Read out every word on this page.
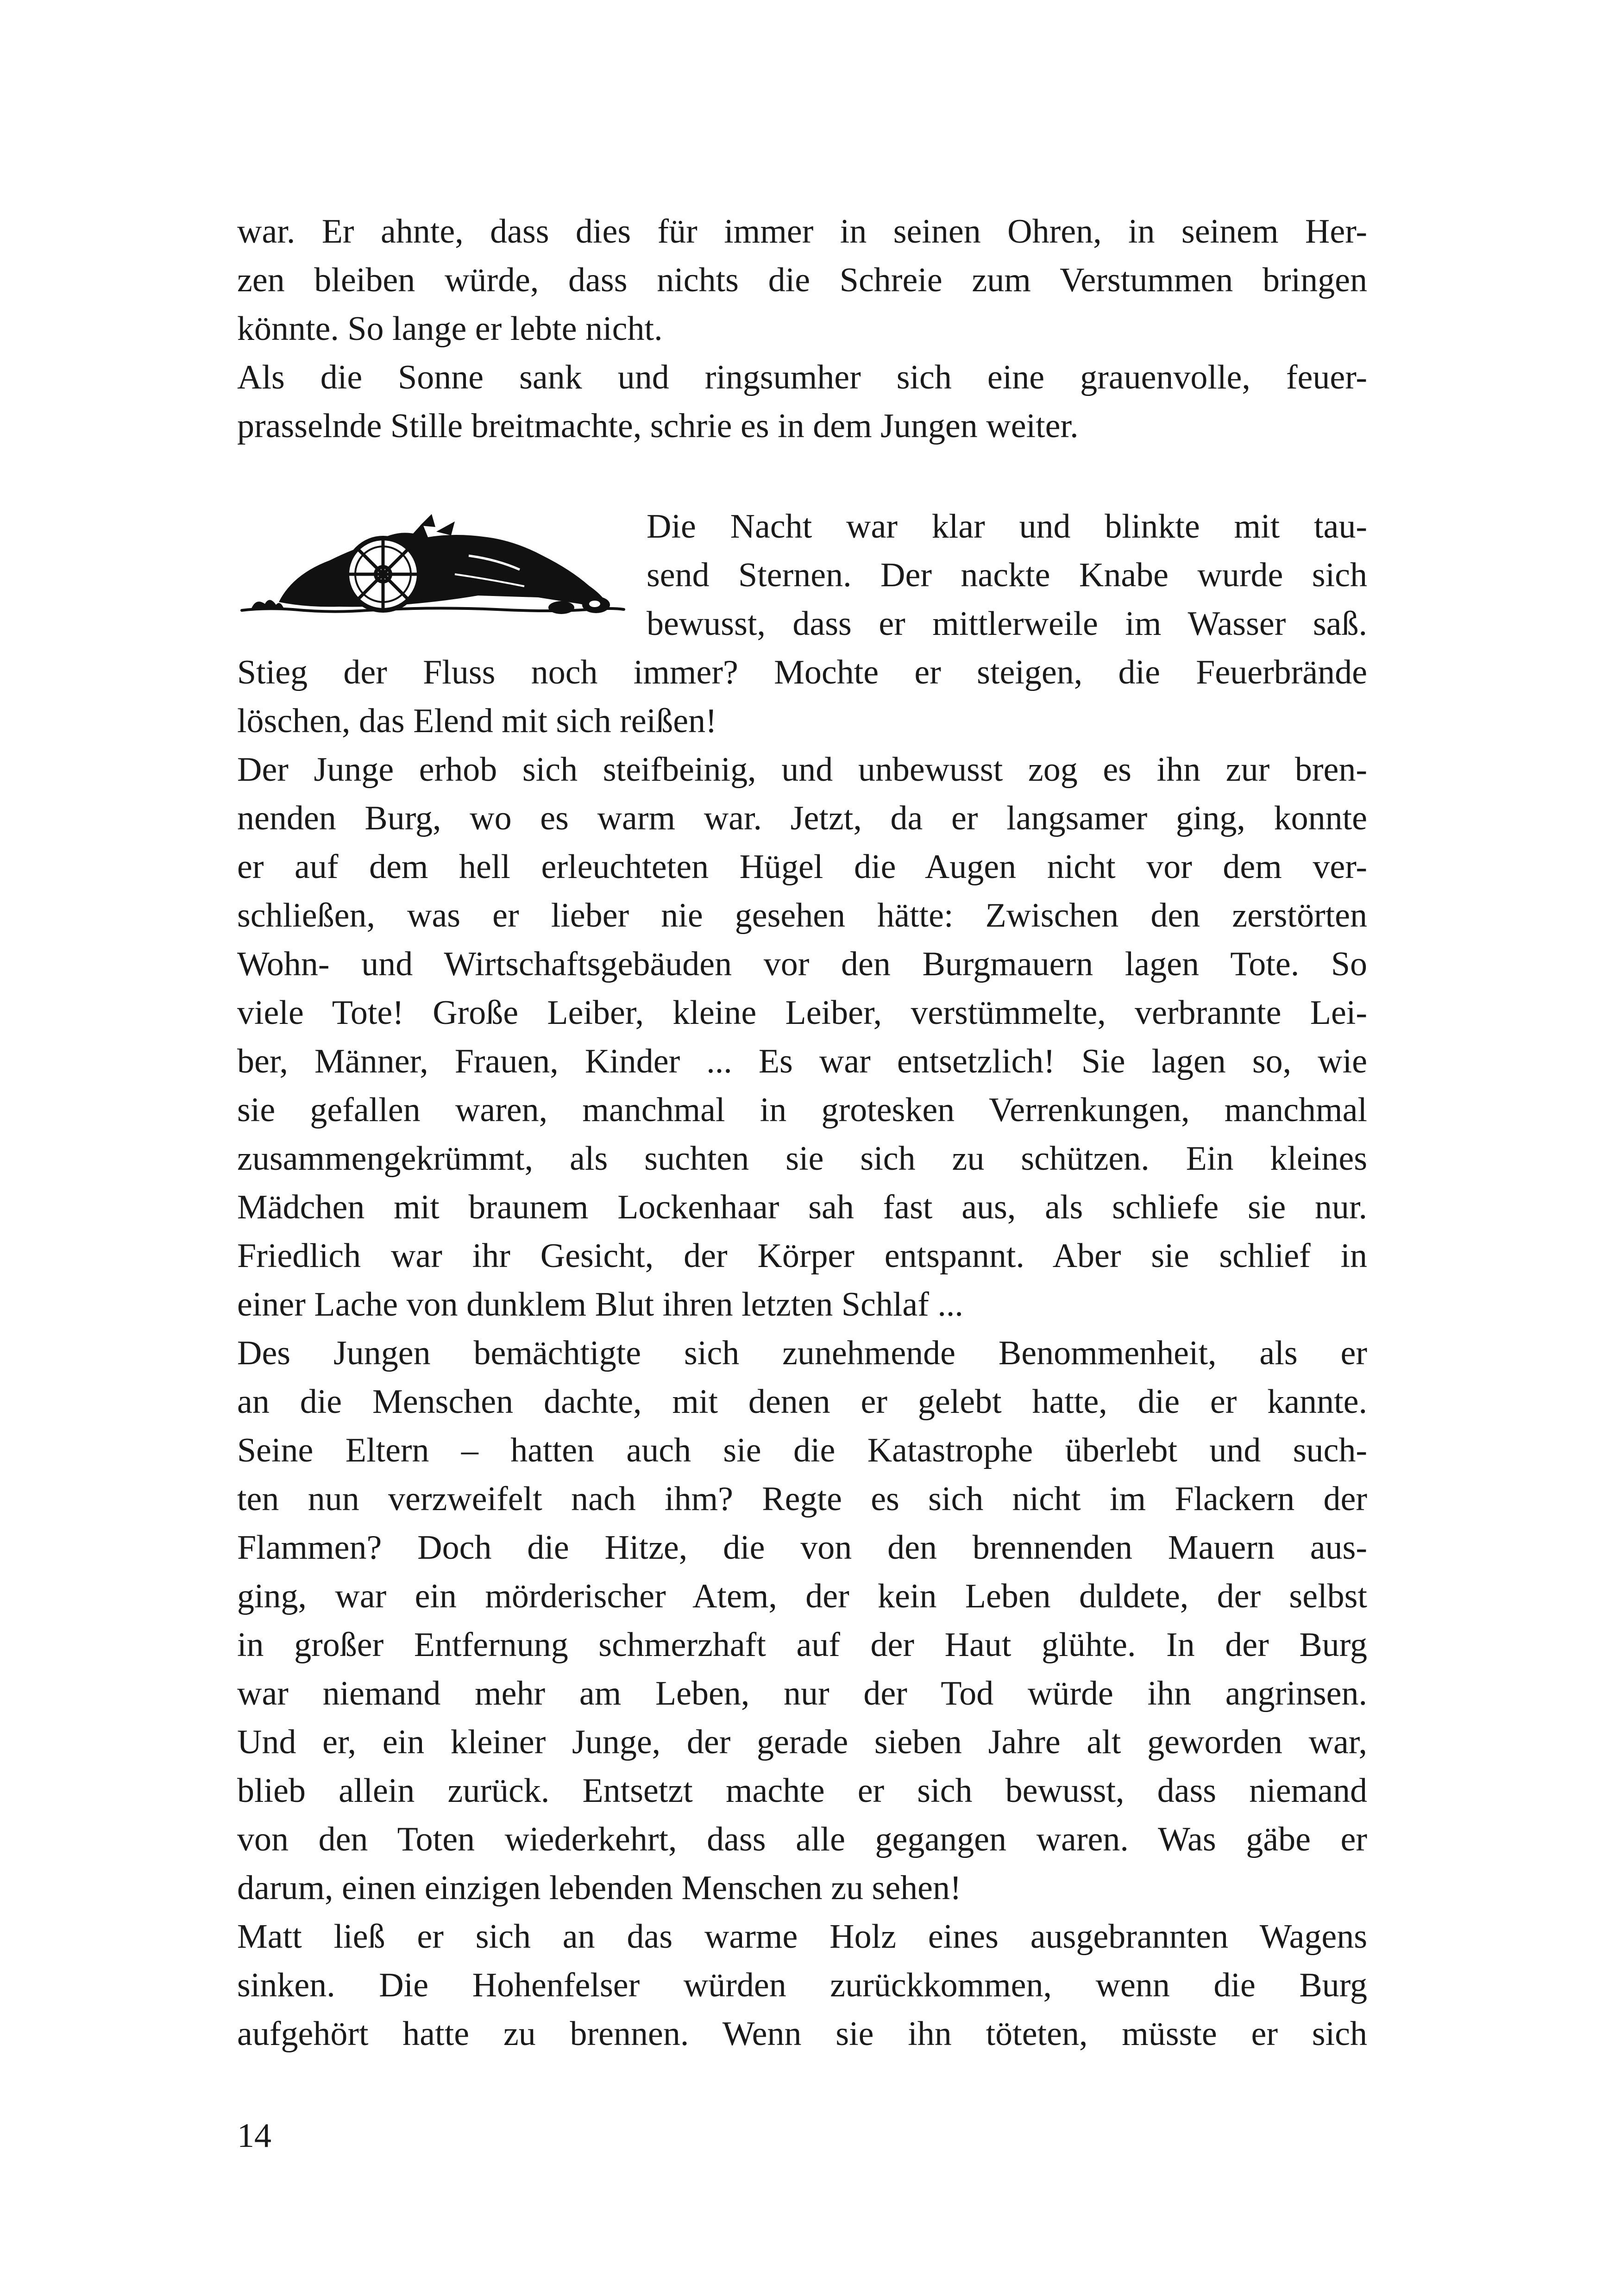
war. Er ahnte, dass dies für immer in seinen Ohren, in seinem Her-
zen bleiben würde, dass nichts die Schreie zum Verstummen bringen
könnte. So lange er lebte nicht.
Als die Sonne sank und ringsumher sich eine grauenvolle, feuer-
prasselnde Stille breitmachte, schrie es in dem Jungen weiter.
Die Nacht war klar und blinkte mit tau-
send Sternen. Der nackte Knabe wurde sich
bewusst, dass er mittlerweile im Wasser saß.
Stieg der Fluss noch immer? Mochte er steigen, die Feuerbrände
löschen, das Elend mit sich reißen!
Der Junge erhob sich steifbeinig, und unbewusst zog es ihn zur bren-
nenden Burg, wo es warm war. Jetzt, da er langsamer ging, konnte
er auf dem hell erleuchteten Hügel die Augen nicht vor dem ver-
schließen, was er lieber nie gesehen hätte: Zwischen den zerstörten
Wohn- und Wirtschaftsgebäuden vor den Burgmauern lagen Tote. So
viele Tote! Große Leiber, kleine Leiber, verstümmelte, verbrannte Lei-
ber, Männer, Frauen, Kinder ... Es war entsetzlich! Sie lagen so, wie
sie gefallen waren, manchmal in grotesken Verrenkungen, manchmal
zusammengekrümmt, als suchten sie sich zu schützen. Ein kleines
Mädchen mit braunem Lockenhaar sah fast aus, als schliefe sie nur.
Friedlich war ihr Gesicht, der Körper entspannt. Aber sie schlief in
einer Lache von dunklem Blut ihren letzten Schlaf ...
Des Jungen bemächtigte sich zunehmende Benommenheit, als er
an die Menschen dachte, mit denen er gelebt hatte, die er kannte.
Seine Eltern – hatten auch sie die Katastrophe überlebt und such-
ten nun verzweifelt nach ihm? Regte es sich nicht im Flackern der
Flammen? Doch die Hitze, die von den brennenden Mauern aus-
ging, war ein mörderischer Atem, der kein Leben duldete, der selbst
in großer Entfernung schmerzhaft auf der Haut glühte. In der Burg
war niemand mehr am Leben, nur der Tod würde ihn angrinsen.
Und er, ein kleiner Junge, der gerade sieben Jahre alt geworden war,
blieb allein zurück. Entsetzt machte er sich bewusst, dass niemand
von den Toten wiederkehrt, dass alle gegangen waren. Was gäbe er
darum, einen einzigen lebenden Menschen zu sehen!
Matt ließ er sich an das warme Holz eines ausgebrannten Wagens
sinken. Die Hohenfelser würden zurückkommen, wenn die Burg
aufgehört hatte zu brennen. Wenn sie ihn töteten, müsste er sich
14
